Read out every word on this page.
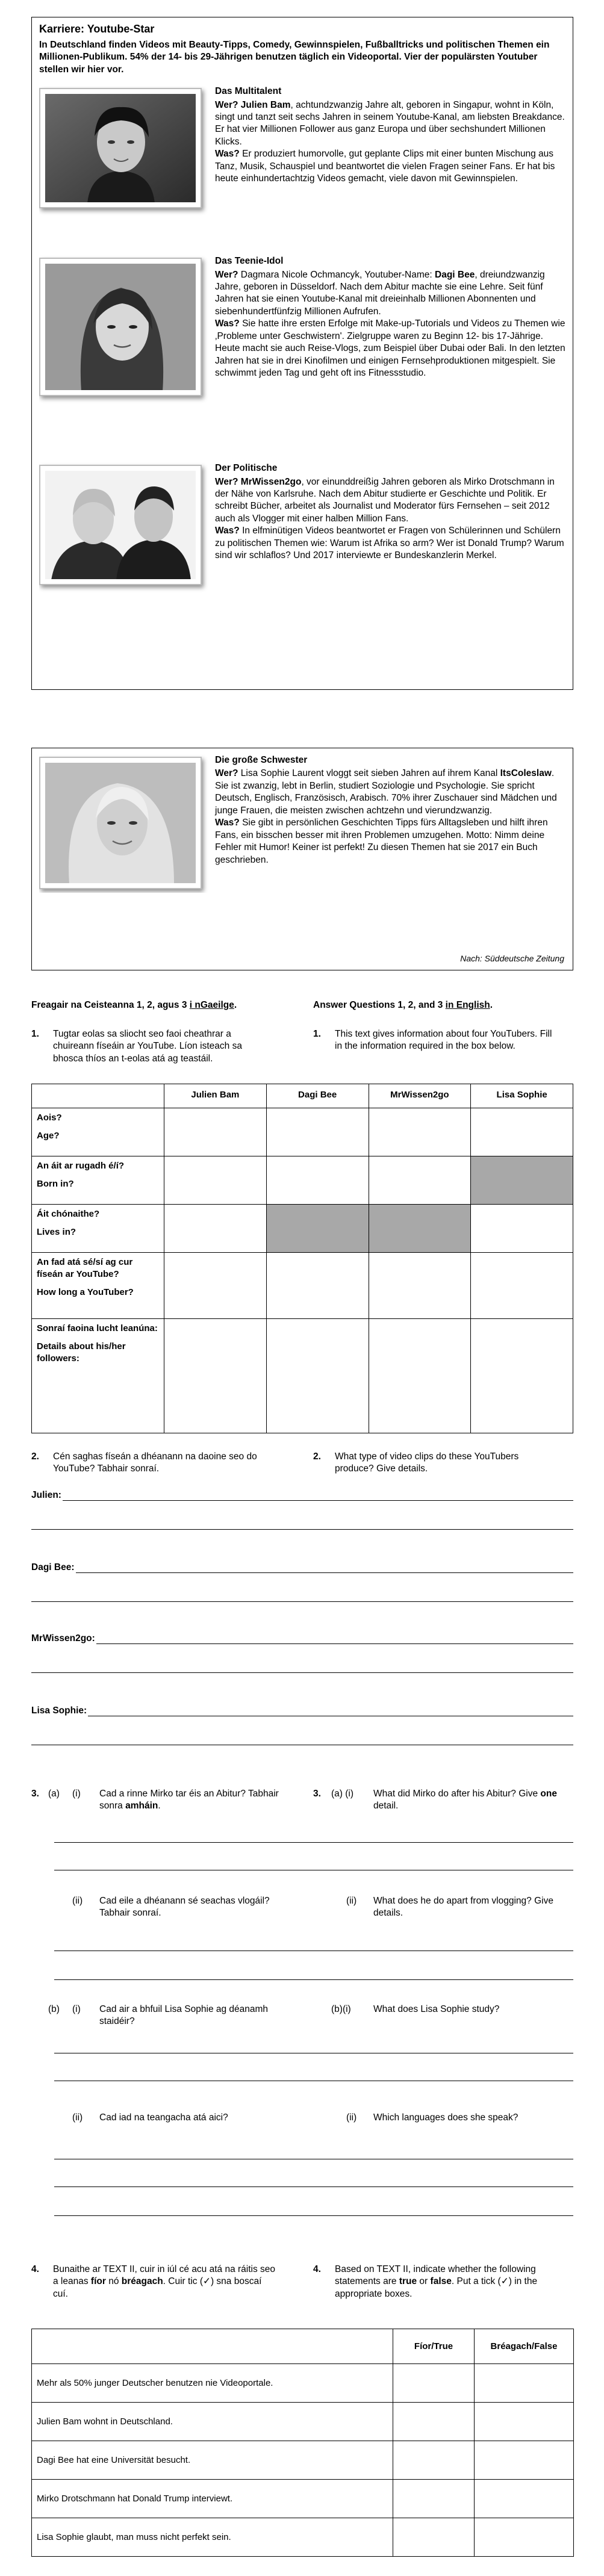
Karriere: Youtube-Star
In Deutschland finden Videos mit Beauty-Tipps, Comedy, Gewinnspielen, Fußballtricks und politischen Themen ein Millionen-Publikum. 54% der 14- bis 29-Jährigen benutzen täglich ein Videoportal. Vier der populärsten Youtuber stellen wir hier vor.
Das Multitalent
Wer? Julien Bam, achtundzwanzig Jahre alt, geboren in Singapur, wohnt in Köln, singt und tanzt seit sechs Jahren in seinem Youtube-Kanal, am liebsten Breakdance. Er hat vier Millionen Follower aus ganz Europa und über sechshundert Millionen Klicks.
Was? Er produziert humorvolle, gut geplante Clips mit einer bunten Mischung aus Tanz, Musik, Schauspiel und beantwortet die vielen Fragen seiner Fans. Er hat bis heute einhundertachtzig Videos gemacht, viele davon mit Gewinnspielen.
Das Teenie-Idol
Wer? Dagmara Nicole Ochmancyk, Youtuber-Name: Dagi Bee, dreiundzwanzig Jahre, geboren in Düsseldorf. Nach dem Abitur machte sie eine Lehre. Seit fünf Jahren hat sie einen Youtube-Kanal mit dreieinhalb Millionen Abonnenten und siebenhundertfünfzig Millionen Aufrufen.
Was? Sie hatte ihre ersten Erfolge mit Make-up-Tutorials und Videos zu Themen wie ‚Probleme unter Geschwistern'. Zielgruppe waren zu Beginn 12- bis 17-Jährige. Heute macht sie auch Reise-Vlogs, zum Beispiel über Dubai oder Bali. In den letzten Jahren hat sie in drei Kinofilmen und einigen Fernsehproduktionen mitgespielt. Sie schwimmt jeden Tag und geht oft ins Fitnessstudio.
Der Politische
Wer? MrWissen2go, vor einunddreißig Jahren geboren als Mirko Drotschmann in der Nähe von Karlsruhe. Nach dem Abitur studierte er Geschichte und Politik. Er schreibt Bücher, arbeitet als Journalist und Moderator fürs Fernsehen – seit 2012 auch als Vlogger mit einer halben Million Fans.
Was? In elfminütigen Videos beantwortet er Fragen von Schülerinnen und Schülern zu politischen Themen wie: Warum ist Afrika so arm? Wer ist Donald Trump? Warum sind wir schlaflos? Und 2017 interviewte er Bundeskanzlerin Merkel.
Die große Schwester
Wer? Lisa Sophie Laurent vloggt seit sieben Jahren auf ihrem Kanal ItsColeslaw. Sie ist zwanzig, lebt in Berlin, studiert Soziologie und Psychologie. Sie spricht Deutsch, Englisch, Französisch, Arabisch. 70% ihrer Zuschauer sind Mädchen und junge Frauen, die meisten zwischen achtzehn und vierundzwanzig.
Was? Sie gibt in persönlichen Geschichten Tipps fürs Alltagsleben und hilft ihren Fans, ein bisschen besser mit ihren Problemen umzugehen. Motto: Nimm deine Fehler mit Humor! Keiner ist perfekt! Zu diesen Themen hat sie 2017 ein Buch geschrieben.
Nach: Süddeutsche Zeitung
Freagair na Ceisteanna 1, 2, agus 3 i nGaeilge.	Answer Questions 1, 2, and 3 in English.
1. Tugtar eolas sa sliocht seo faoi cheathrar a chuireann físeáin ar YouTube. Líon isteach sa bhosca thíos an t-eolas atá ag teastáil.
1. This text gives information about four YouTubers. Fill in the information required in the box below.
	Julien Bam	Dagi Bee	MrWissen2go	Lisa Sophie

Aois?
Age?				

An áit ar rugadh é/í?
Born in?				

Áit chónaithe?
Lives in?				

An fad atá sé/sí ag cur físeán ar YouTube?
How long a YouTuber?				

Sonraí faoina lucht leanúna:
Details about his/her followers:				

2. Cén saghas físeán a dhéanann na daoine seo do YouTube? Tabhair sonraí.
2. What type of video clips do these YouTubers produce? Give details.
Julien:
Dagi Bee:
MrWissen2go:
Lisa Sophie:
3. (a) (i) Cad a rinne Mirko tar éis an Abitur? Tabhair sonra amháin.
3. (a) (i) What did Mirko do after his Abitur? Give one detail.
(ii) Cad eile a dhéanann sé seachas vlogáil? Tabhair sonraí.
(ii) What does he do apart from vlogging? Give details.
(b) (i) Cad air a bhfuil Lisa Sophie ag déanamh staidéir?
(b)(i) What does Lisa Sophie study?
(ii) Cad iad na teangacha atá aici?	(ii) Which languages does she speak?
4. Bunaithe ar TEXT II, cuir in iúl cé acu atá na ráitis seo a leanas fíor nó bréagach. Cuir tic (✓) sna boscaí cuí.
4. Based on TEXT II, indicate whether the following statements are true or false. Put a tick (✓) in the appropriate boxes.
	Fíor/True	Bréagach/False
Mehr als 50% junger Deutscher benutzen nie Videoportale.		
Julien Bam wohnt in Deutschland.		
Dagi Bee hat eine Universität besucht.		
Mirko Drotschmann hat Donald Trump interviewt.		
Lisa Sophie glaubt, man muss nicht perfekt sein.		
